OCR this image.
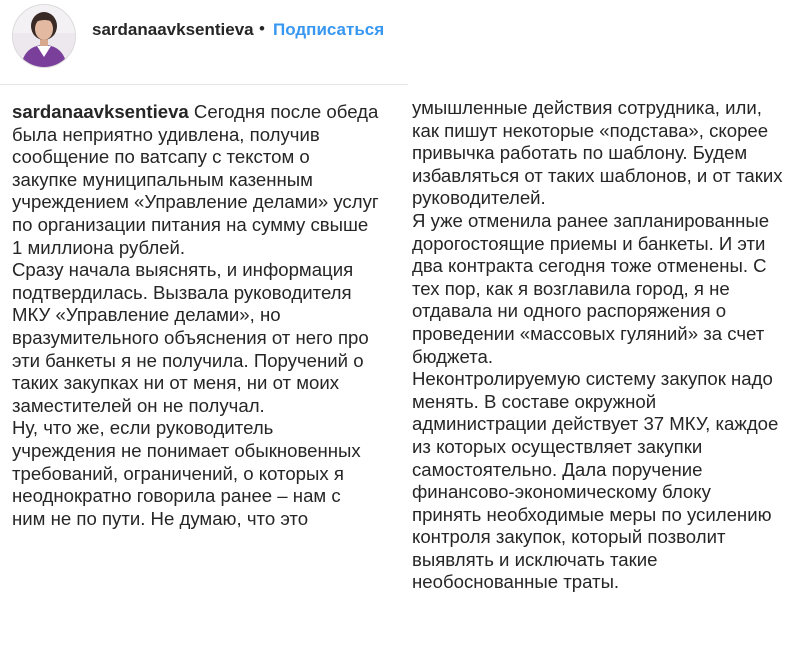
sardanaavksentieva • Подписаться
sardanaavksentieva Сегодня после обеда
была неприятно удивлена, получив
сообщение по ватсапу с текстом о
закупке муниципальным казенным
учреждением «Управление делами» услуг
по организации питания на сумму свыше
1 миллиона рублей.
Сразу начала выяснять, и информация
подтвердилась. Вызвала руководителя
МКУ «Управление делами», но
вразумительного объяснения от него про
эти банкеты я не получила. Поручений о
таких закупках ни от меня, ни от моих
заместителей он не получал.
Ну, что же, если руководитель
учреждения не понимает обыкновенных
требований, ограничений, о которых я
неоднократно говорила ранее – нам с
ним не по пути. Не думаю, что это
умышленные действия сотрудника, или,
как пишут некоторые «подстава», скорее
привычка работать по шаблону. Будем
избавляться от таких шаблонов, и от таких
руководителей.
Я уже отменила ранее запланированные
дорогостоящие приемы и банкеты. И эти
два контракта сегодня тоже отменены. С
тех пор, как я возглавила город, я не
отдавала ни одного распоряжения о
проведении «массовых гуляний» за счет
бюджета.
Неконтролируемую систему закупок надо
менять. В составе окружной
администрации действует 37 МКУ, каждое
из которых осуществляет закупки
самостоятельно. Дала поручение
финансово-экономическому блоку
принять необходимые меры по усилению
контроля закупок, который позволит
выявлять и исключать такие
необоснованные траты.
